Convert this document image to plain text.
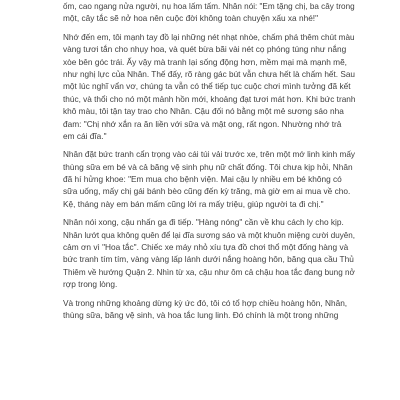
ốm, cao ngang nửa người, nụ hoa lấm tấm. Nhân nói: "Em tặng chị, ba cây trong
một, cây tắc sẽ nở hoa nên cuộc đời không toàn chuyện xấu xa nhé!"
Nhớ đến em, tôi mạnh tay đồ lại những nét nhạt nhòe, chấm phá thêm chút màu
vàng tươi tắn cho nhụy hoa, và quét bừa bãi vài nét cọ phóng túng như nắng
xòe bên góc trái. Ấy vậy mà tranh lại sống động hơn, mềm mại mà mạnh mẽ,
như nghị lực của Nhân. Thế đấy, rõ ràng gác bút vẫn chưa hết là chấm hết. Sau
một lúc nghĩ vẩn vơ, chúng ta vẫn có thể tiếp tục cuộc chơi mình tưởng đã kết
thúc, và thổi cho nó một mảnh hồn mới, khoảng đạt tươi mát hơn. Khi bức tranh
khô màu, tôi tận tay trao cho Nhân. Cậu đối nó bằng một mẻ sương sáo nha
đam: "Chị nhớ xắn ra ăn liền với sữa và mật ong, rất ngon. Nhường nhớ trả
em cái đĩa."
Nhân đặt bức tranh cẩn trọng vào cái túi vải trước xe, trên một mớ linh kinh mấy
thùng sữa em bé và cả băng vệ sinh phụ nữ chất đống. Tôi chưa kịp hỏi, Nhân
đã hí hửng khoe: "Em mua cho bệnh viện. Mai cậu ly nhiều em bé không có
sữa uống, mấy chị gái bánh bèo cũng đến kỳ trăng, mà giờ em ai mua về cho.
Kệ, tháng này em bán mấm cũng lời ra mấy triệu, giúp người ta đi chị."
Nhân nói xong, cậu nhấn ga đi tiếp. "Hàng nóng" cần về khu cách ly cho kịp.
Nhân lướt qua không quên để lại đĩa sương sáo và một khuôn miệng cười duyên,
cảm ơn vì "Hoa tắc". Chiếc xe máy nhỏ xíu tựa đồ chơi thổ một đống hàng và
bức tranh tím tím, vàng vàng lấp lánh dưới nắng hoàng hôn, băng qua cầu Thủ
Thiêm về hướng Quận 2. Nhìn từ xa, cậu như ôm cả chậu hoa tắc đang bung nở
rợp trong lòng.
Và trong những khoảng dừng kỳ ức đó, tôi có tổ hợp chiều hoàng hôn, Nhân,
thùng sữa, băng vệ sinh, và hoa tắc lung linh. Đó chính là một trong những
